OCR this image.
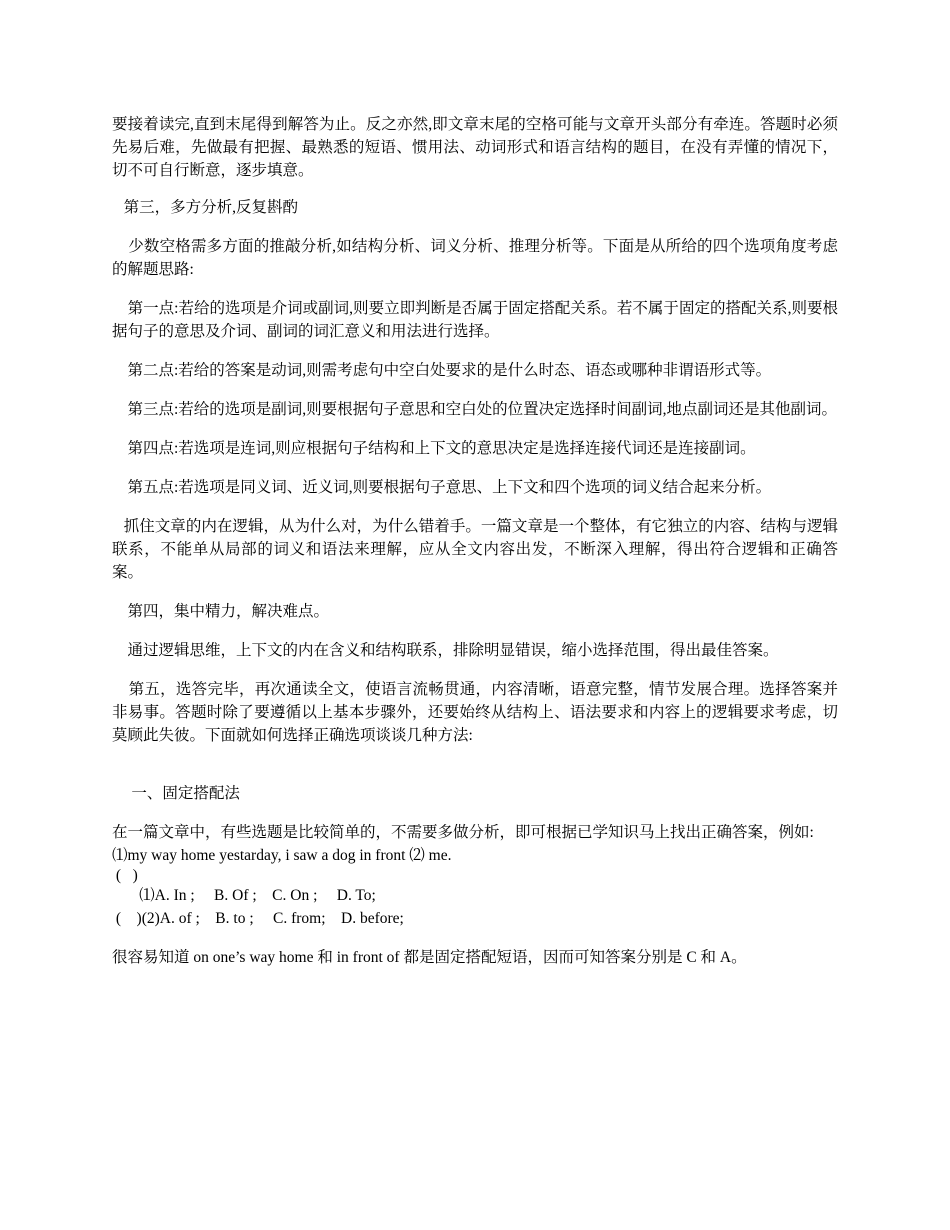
要接着读完,直到末尾得到解答为止。反之亦然,即文章末尾的空格可能与文章开头部分有牵连。答题时必须先易后难，先做最有把握、最熟悉的短语、惯用法、动词形式和语言结构的题目，在没有弄懂的情况下，切不可自行断意，逐步填意。

第三，多方分析,反复斟酌

少数空格需多方面的推敲分析,如结构分析、词义分析、推理分析等。下面是从所给的四个选项角度考虑的解题思路:

第一点:若给的选项是介词或副词,则要立即判断是否属于固定搭配关系。若不属于固定的搭配关系,则要根据句子的意思及介词、副词的词汇意义和用法进行选择。

第二点:若给的答案是动词,则需考虑句中空白处要求的是什么时态、语态或哪种非谓语形式等。

第三点:若给的选项是副词,则要根据句子意思和空白处的位置决定选择时间副词,地点副词还是其他副词。

第四点:若选项是连词,则应根据句子结构和上下文的意思决定是选择连接代词还是连接副词。

第五点:若选项是同义词、近义词,则要根据句子意思、上下文和四个选项的词义结合起来分析。

抓住文章的内在逻辑，从为什么对，为什么错着手。一篇文章是一个整体，有它独立的内容、结构与逻辑联系，不能单从局部的词义和语法来理解，应从全文内容出发，不断深入理解，得出符合逻辑和正确答案。

第四，集中精力，解决难点。

通过逻辑思维，上下文的内在含义和结构联系，排除明显错误，缩小选择范围，得出最佳答案。

第五，选答完毕，再次通读全文，使语言流畅贯通，内容清晰，语意完整，情节发展合理。选择答案并非易事。答题时除了要遵循以上基本步骤外，还要始终从结构上、语法要求和内容上的逻辑要求考虑，切莫顾此失彼。下面就如何选择正确选项谈谈几种方法:

一、固定搭配法

在一篇文章中，有些选题是比较简单的，不需要多做分析，即可根据已学知识马上找出正确答案，例如:

⑴my way home yestarday, i saw a dog in front ⑵ me.

(   )

⑴A. In ;     B. Of ;    C. On ;     D. To;

(    )(2)A. of ;    B. to ;     C. from;    D. before;

很容易知道 on one’s way home 和 in front of 都是固定搭配短语，因而可知答案分别是 C 和 A。
